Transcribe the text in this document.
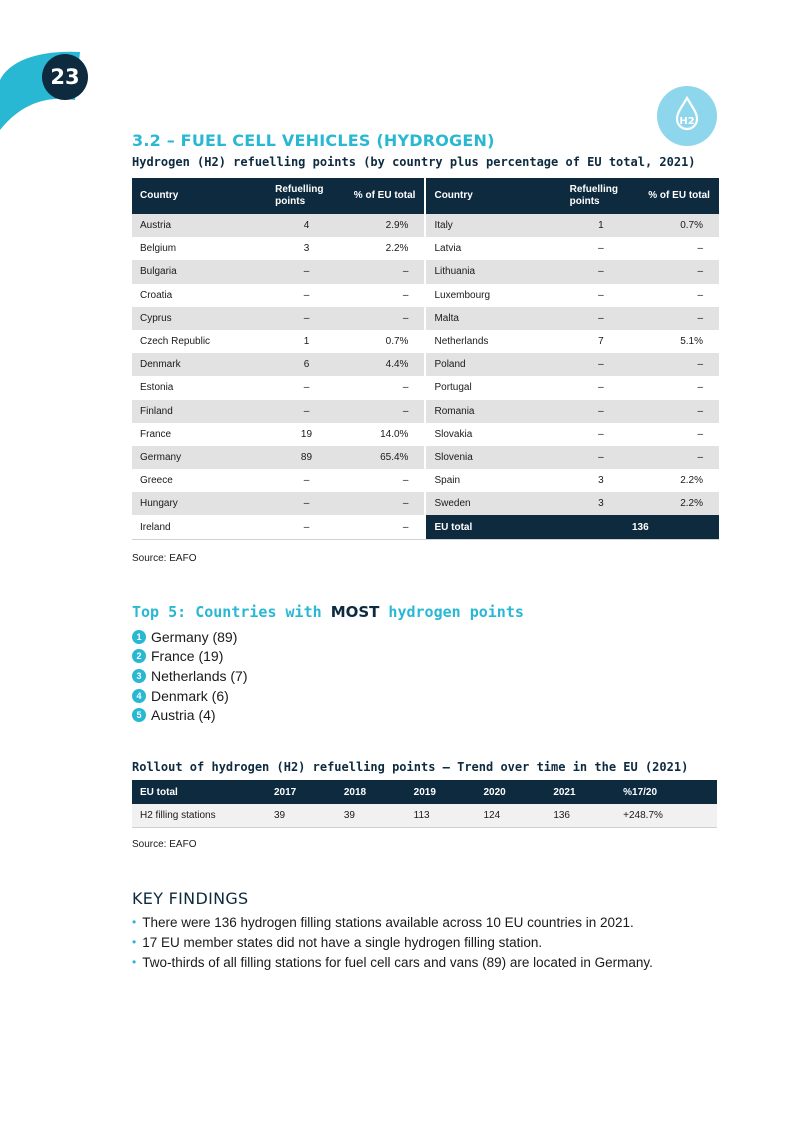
23
H2
3.2 – FUEL CELL VEHICLES (HYDROGEN)
Hydrogen (H2) refuelling points (by country plus percentage of EU total, 2021)
Country	Refuelling points	% of EU total		Country	Refuelling points	% of EU total
Austria	4	2.9%		Italy	1	0.7%
Belgium	3	2.2%		Latvia	–	–
Bulgaria	–	–		Lithuania	–	–
Croatia	–	–		Luxembourg	–	–
Cyprus	–	–		Malta	–	–
Czech Republic	1	0.7%		Netherlands	7	5.1%
Denmark	6	4.4%		Poland	–	–
Estonia	–	–		Portugal	–	–
Finland	–	–		Romania	–	–
France	19	14.0%		Slovakia	–	–
Germany	89	65.4%		Slovenia	–	–
Greece	–	–		Spain	3	2.2%
Hungary	–	–		Sweden	3	2.2%
Ireland	–	–		EU total	136	
Source: EAFO
Top 5: Countries with MOST hydrogen points
1 Germany (89)
2 France (19)
3 Netherlands (7)
4 Denmark (6)
5 Austria (4)
Rollout of hydrogen (H2) refuelling points – Trend over time in the EU (2021)
EU total	2017	2018	2019	2020	2021	%17/20
H2 filling stations	39	39	113	124	136	+248.7%
Source: EAFO
KEY FINDINGS
• There were 136 hydrogen filling stations available across 10 EU countries in 2021.
• 17 EU member states did not have a single hydrogen filling station.
• Two-thirds of all filling stations for fuel cell cars and vans (89) are located in Germany.
